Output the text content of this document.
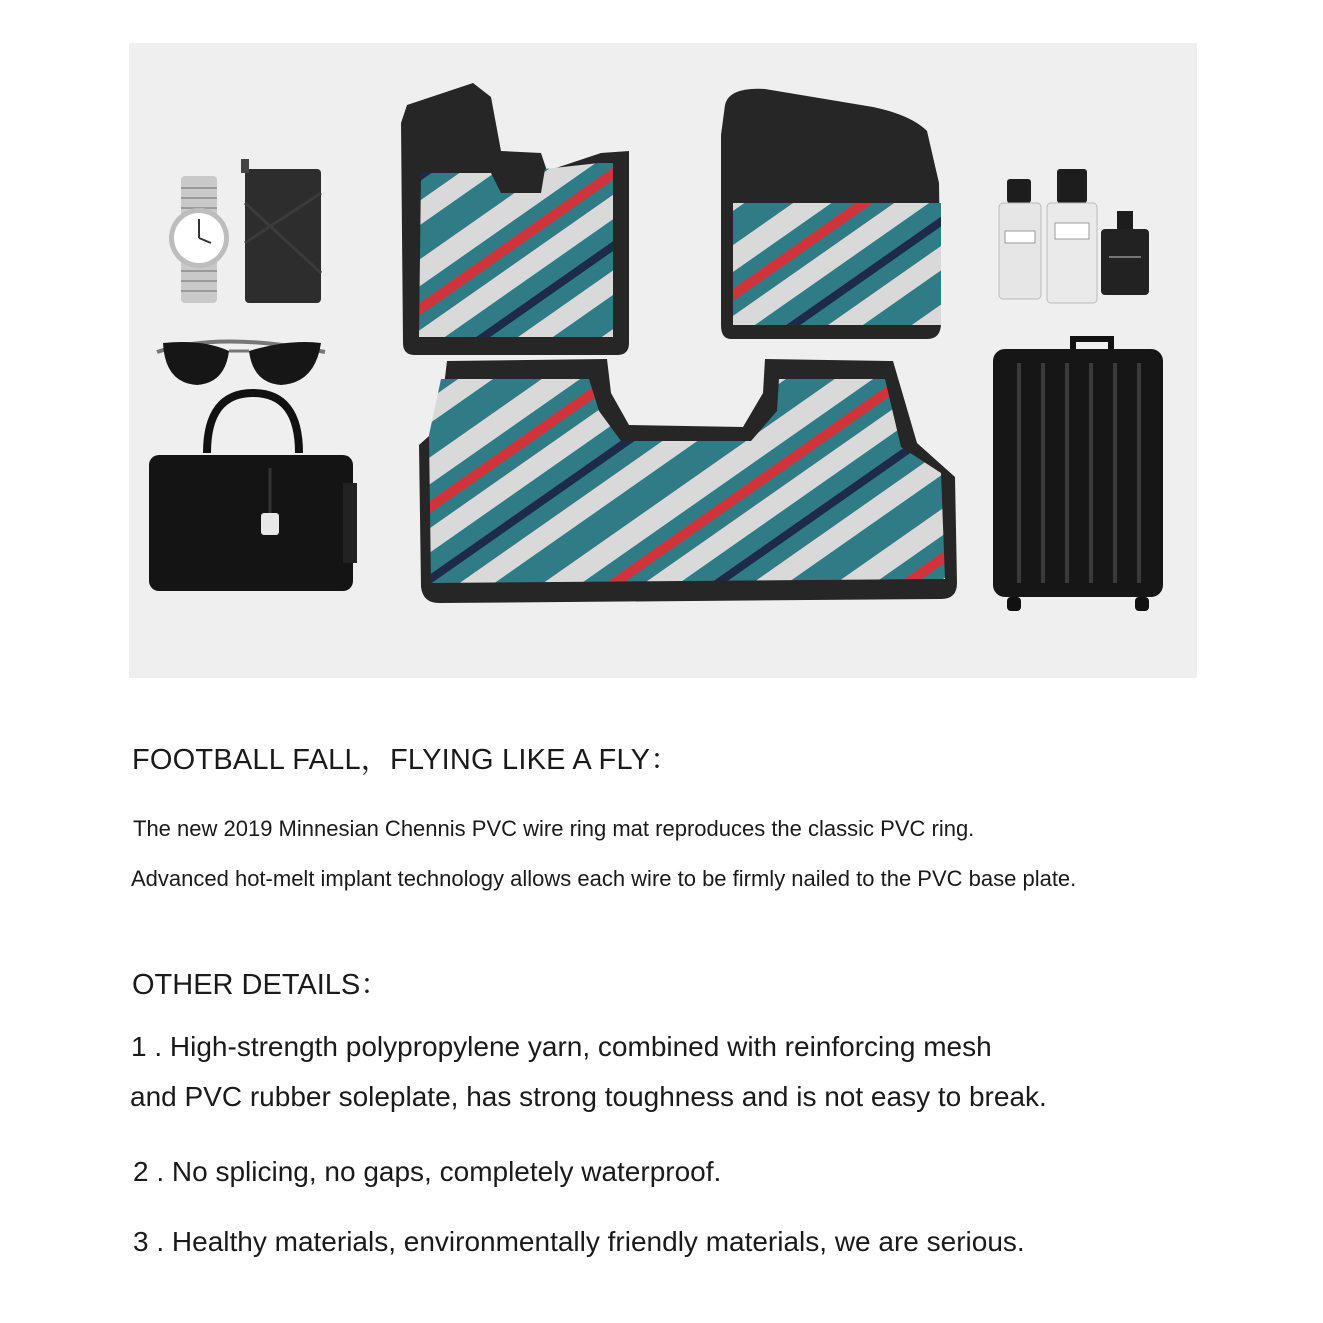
FOOTBALL FALL，FLYING LIKE A FLY：

The new 2019 Minnesian Chennis PVC wire ring mat reproduces the classic PVC ring.

Advanced hot-melt implant technology allows each wire to be firmly nailed to the PVC base plate.

OTHER DETAILS：

1 . High-strength polypropylene yarn, combined with reinforcing mesh

and PVC rubber soleplate, has strong toughness and is not easy to break.

2 . No splicing, no gaps, completely waterproof.

3 . Healthy materials, environmentally friendly materials, we are serious.
